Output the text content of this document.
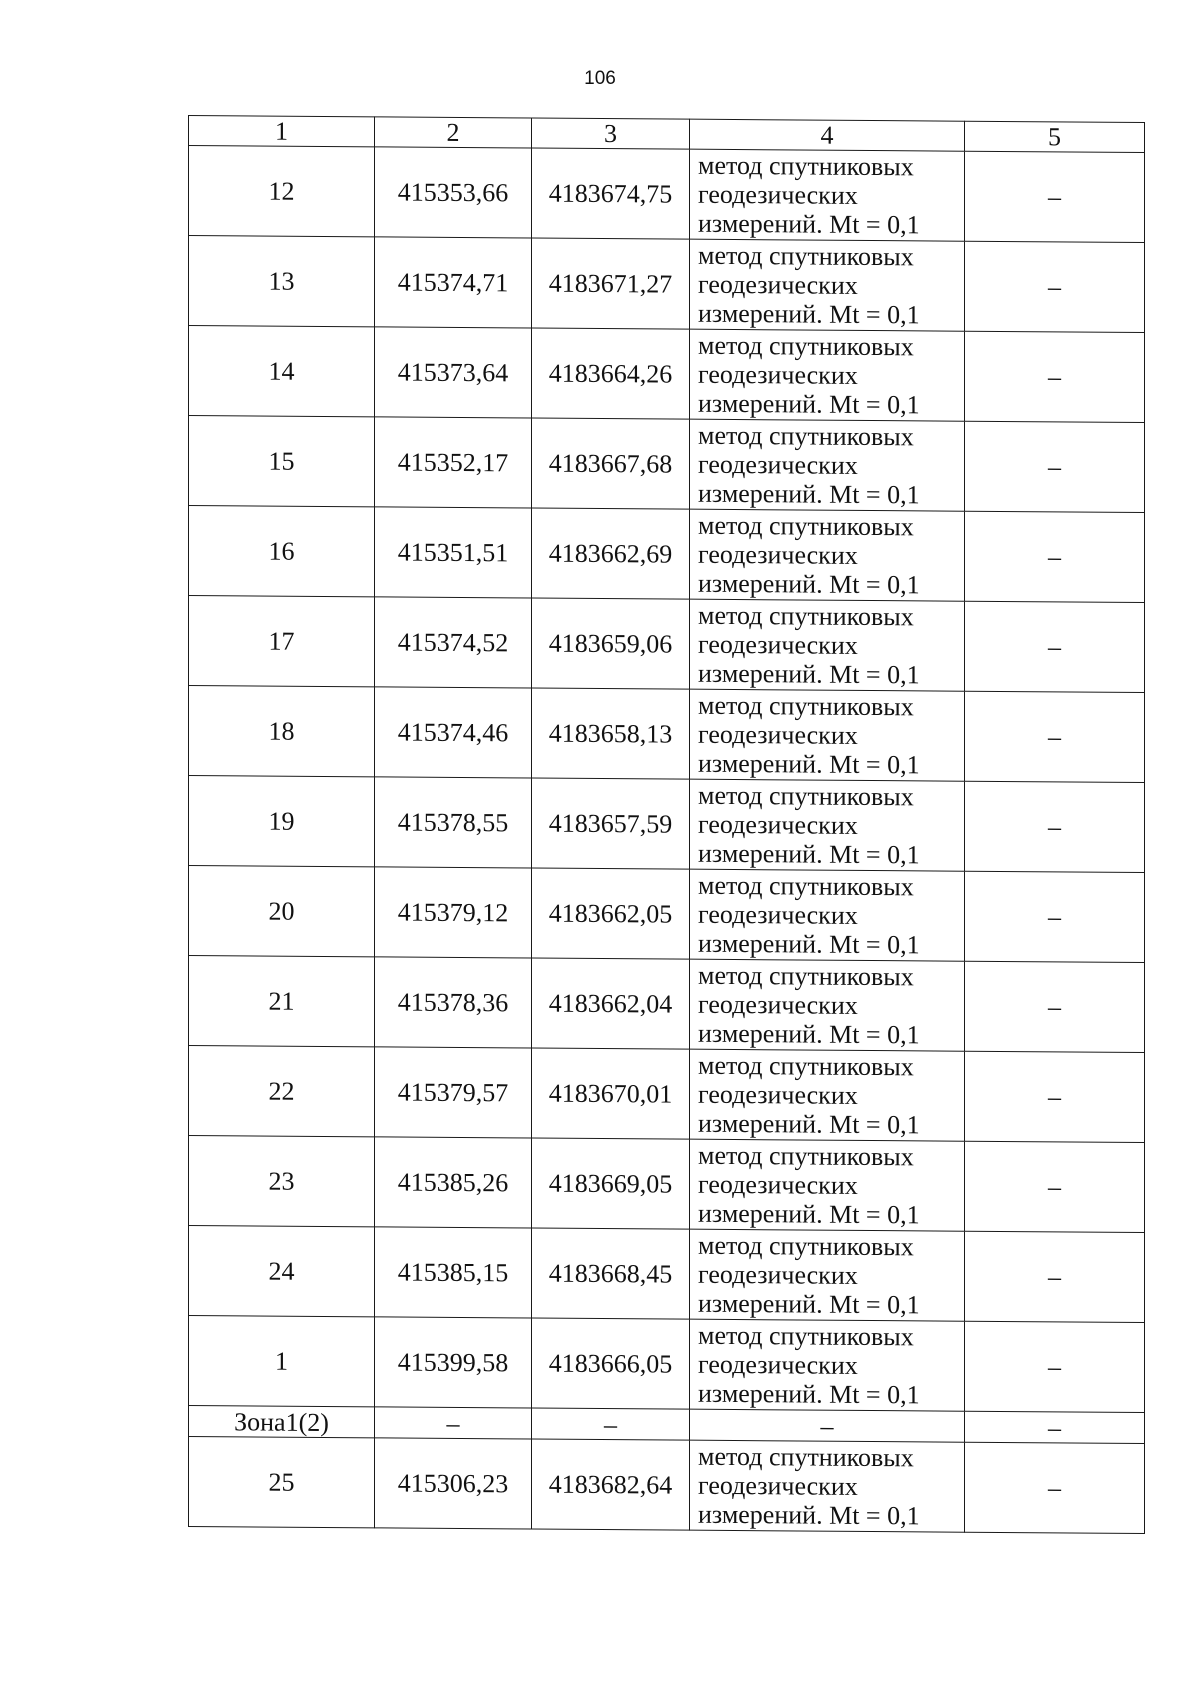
106
1	2	3	4	5
12	415353,66	4183674,75	метод спутниковых
геодезических
измерений. Mt = 0,1	–
13	415374,71	4183671,27	метод спутниковых
геодезических
измерений. Mt = 0,1	–
14	415373,64	4183664,26	метод спутниковых
геодезических
измерений. Mt = 0,1	–
15	415352,17	4183667,68	метод спутниковых
геодезических
измерений. Mt = 0,1	–
16	415351,51	4183662,69	метод спутниковых
геодезических
измерений. Mt = 0,1	–
17	415374,52	4183659,06	метод спутниковых
геодезических
измерений. Mt = 0,1	–
18	415374,46	4183658,13	метод спутниковых
геодезических
измерений. Mt = 0,1	–
19	415378,55	4183657,59	метод спутниковых
геодезических
измерений. Mt = 0,1	–
20	415379,12	4183662,05	метод спутниковых
геодезических
измерений. Mt = 0,1	–
21	415378,36	4183662,04	метод спутниковых
геодезических
измерений. Mt = 0,1	–
22	415379,57	4183670,01	метод спутниковых
геодезических
измерений. Mt = 0,1	–
23	415385,26	4183669,05	метод спутниковых
геодезических
измерений. Mt = 0,1	–
24	415385,15	4183668,45	метод спутниковых
геодезических
измерений. Mt = 0,1	–
1	415399,58	4183666,05	метод спутниковых
геодезических
измерений. Mt = 0,1	–
Зона1(2)	–	–	–	–
25	415306,23	4183682,64	метод спутниковых
геодезических
измерений. Mt = 0,1	–
